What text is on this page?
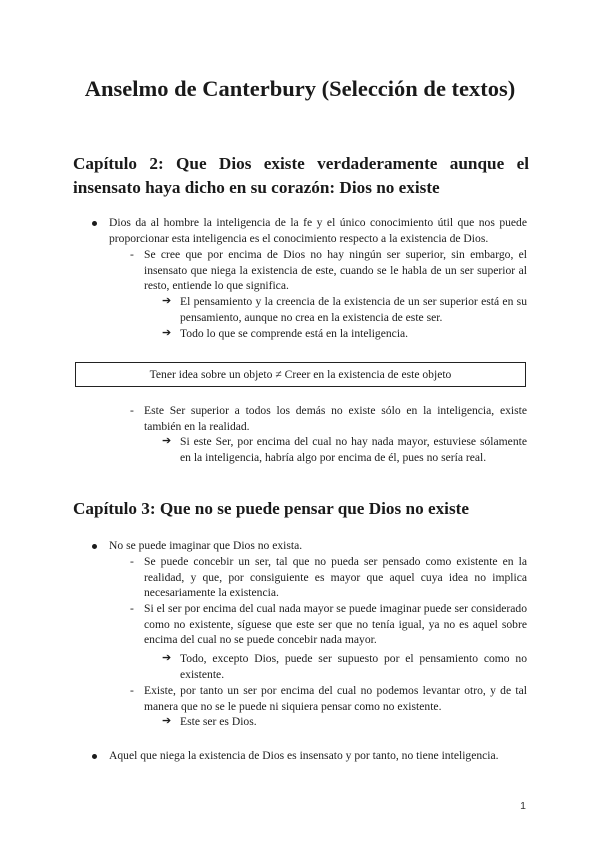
Anselmo de Canterbury (Selección de textos)
Capítulo 2: Que Dios existe verdaderamente aunque el insensato haya dicho en su corazón: Dios no existe

Dios da al hombre la inteligencia de la fe y el único conocimiento útil que nos puede proporcionar esta inteligencia es el conocimiento respecto a la existencia de Dios.

- Se cree que por encima de Dios no hay ningún ser superior, sin embargo, el insensato que niega la existencia de este, cuando se le habla de un ser superior al resto, entiende lo que significa.

➔ El pensamiento y la creencia de la existencia de un ser superior está en su pensamiento, aunque no crea en la existencia de este ser.

➔ Todo lo que se comprende está en la inteligencia.

Tener idea sobre un objeto ≠ Creer en la existencia de este objeto
- Este Ser superior a todos los demás no existe sólo en la inteligencia, existe también en la realidad.

➔ Si este Ser, por encima del cual no hay nada mayor, estuviese sólamente en la inteligencia, habría algo por encima de él, pues no sería real.

Capítulo 3: Que no se puede pensar que Dios no existe

No se puede imaginar que Dios no exista.

- Se puede concebir un ser, tal que no pueda ser pensado como existente en la realidad, y que, por consiguiente es mayor que aquel cuya idea no implica necesariamente la existencia.

- Si el ser por encima del cual nada mayor se puede imaginar puede ser considerado como no existente, síguese que este ser que no tenía igual, ya no es aquel sobre encima del cual no se puede concebir nada mayor.

➔ Todo, excepto Dios, puede ser supuesto por el pensamiento como no existente.

- Existe, por tanto un ser por encima del cual no podemos levantar otro, y de tal manera que no se le puede ni siquiera pensar como no existente.

➔ Este ser es Dios.

Aquel que niega la existencia de Dios es insensato y por tanto, no tiene inteligencia.

1
